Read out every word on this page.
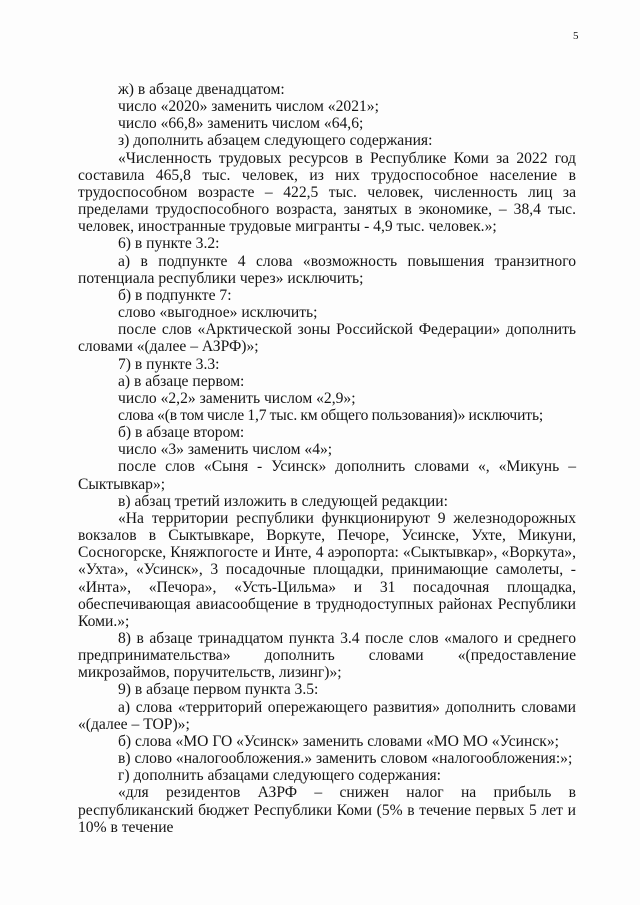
5

ж) в абзаце двенадцатом:

число «2020» заменить числом «2021»;

число «66,8» заменить числом «64,6;

з) дополнить абзацем следующего содержания:

«Численность трудовых ресурсов в Республике Коми за 2022 год составила 465,8 тыс. человек, из них трудоспособное население в трудоспособном возрасте – 422,5 тыс. человек, численность лиц за пределами трудоспособного возраста, занятых в экономике, – 38,4 тыс. человек, иностранные трудовые мигранты - 4,9 тыс. человек.»;

6) в пункте 3.2:

а) в подпункте 4 слова «возможность повышения транзитного потенциала республики через» исключить;

б) в подпункте 7:

слово «выгодное» исключить;

после слов «Арктической зоны Российской Федерации» дополнить словами «(далее – АЗРФ)»;

7) в пункте 3.3:

а) в абзаце первом:

число «2,2» заменить числом «2,9»;

слова «(в том числе 1,7 тыс. км общего пользования)» исключить;

б) в абзаце втором:

число «3» заменить числом «4»;

после слов «Сыня - Усинск» дополнить словами «, «Микунь – Сыктывкар»;

в) абзац третий изложить в следующей редакции:

«На территории республики функционируют 9 железнодорожных вокзалов в Сыктывкаре, Воркуте, Печоре, Усинске, Ухте, Микуни, Сосногорске, Княжпогосте и Инте, 4 аэропорта: «Сыктывкар», «Воркута», «Ухта», «Усинск», 3 посадочные площадки, принимающие самолеты, - «Инта», «Печора», «Усть-Цильма» и 31 посадочная площадка, обеспечивающая авиасообщение в труднодоступных районах Республики Коми.»;

8) в абзаце тринадцатом пункта 3.4 после слов «малого и среднего предпринимательства» дополнить словами «(предоставление микрозаймов, поручительств, лизинг)»;

9) в абзаце первом пункта 3.5:

а) слова «территорий опережающего развития» дополнить словами «(далее – ТОР)»;

б) слова «МО ГО «Усинск» заменить словами «МО МО «Усинск»;

в) слово «налогообложения.» заменить словом «налогообложения:»;

г) дополнить абзацами следующего содержания:

«для резидентов АЗРФ – снижен налог на прибыль в республиканский бюджет Республики Коми (5% в течение первых 5 лет и 10% в течение
